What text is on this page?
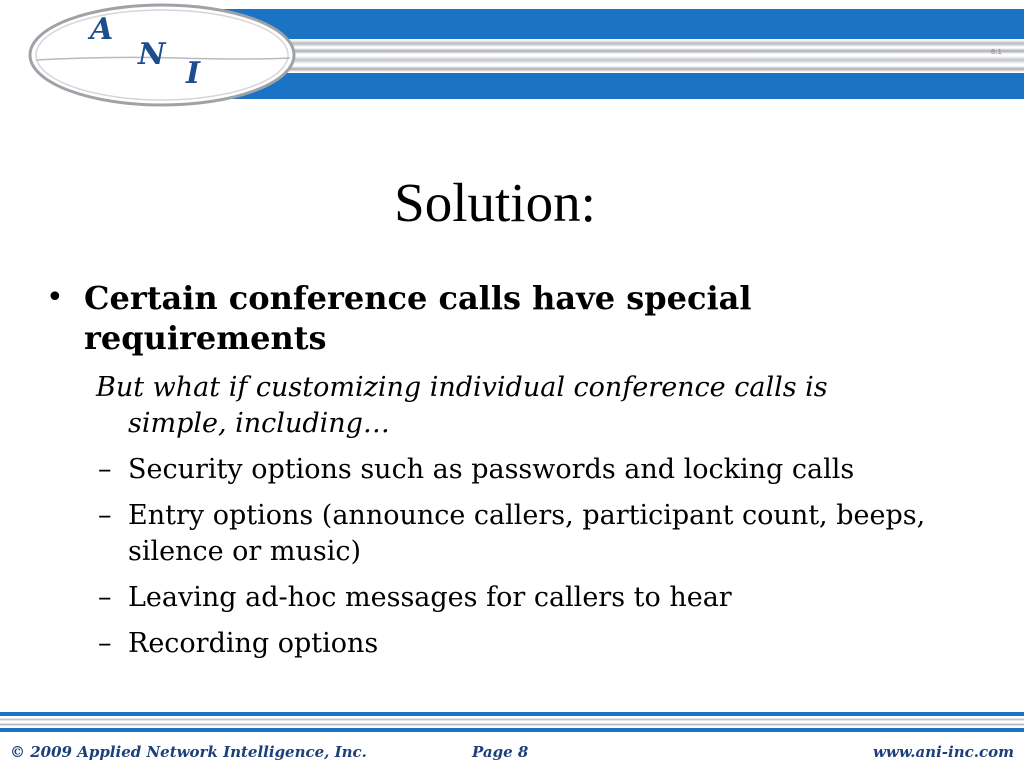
8.1
A
N
I
Solution:
• Certain conference calls have special requirements
But what if customizing individual conference calls is
simple, including…
– Security options such as passwords and locking calls
– Entry options (announce callers, participant count, beeps, silence or music)
– Leaving ad-hoc messages for callers to hear
– Recording options
© 2009 Applied Network Intelligence, Inc.	Page 8	www.ani-inc.com
